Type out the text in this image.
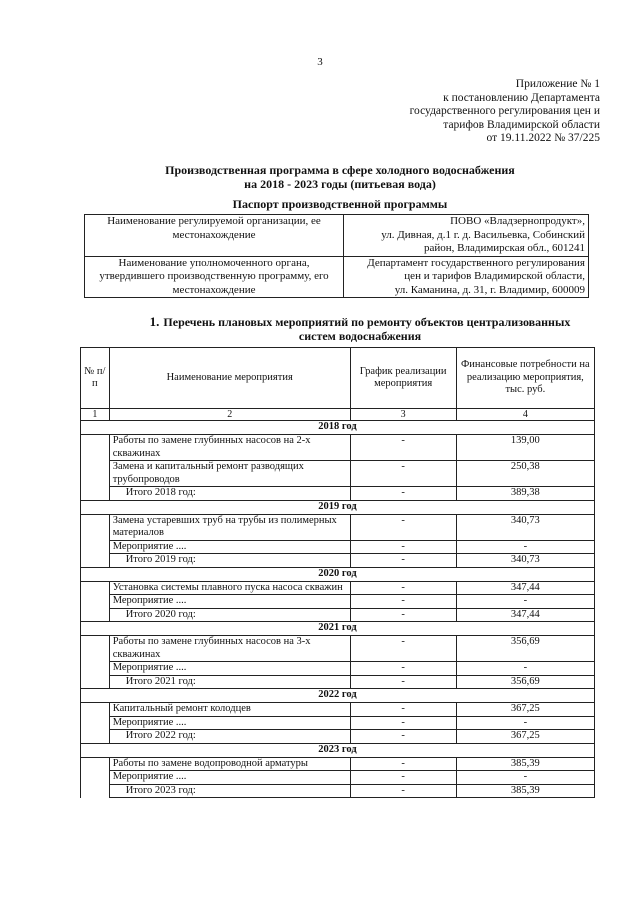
3
Приложение № 1
к постановлению Департамента
государственного регулирования цен и
тарифов Владимирской области
от 19.11.2022 № 37/225
Производственная программа в сфере холодного водоснабжения
на 2018 - 2023 годы (питьевая вода)
Паспорт производственной программы
Наименование регулируемой организации, ее местонахождение	ПОВО «Владзернопродукт»,
ул. Дивная, д.1 г. д. Васильевка, Собинский
район, Владимирская обл., 601241

Наименование уполномоченного органа, утвердившего производственную программу, его местонахождение	Департамент государственного регулирования
цен и тарифов Владимирской области,
ул. Каманина, д. 31, г. Владимир, 600009
1. Перечень плановых мероприятий по ремонту объектов централизованных
систем водоснабжения
№ п/п	Наименование мероприятия	График реализации мероприятия	Финансовые потребности на реализацию мероприятия, тыс. руб.
1	2	3	4
2018 год			
	Работы по замене глубинных насосов на 2-х скважинах	-	139,00
	Замена и капитальный ремонт разводящих трубопроводов	-	250,38
	Итого 2018 год:	-	389,38
2019 год			
	Замена устаревших труб на трубы из полимерных материалов	-	340,73
	Мероприятие ....	-	-
	Итого 2019 год:	-	340,73
2020 год			
	Установка системы плавного пуска насоса скважин	-	347,44
	Мероприятие ....	-	-
	Итого 2020 год:	-	347,44
2021 год			
	Работы по замене глубинных насосов на 3-х скважинах	-	356,69
	Мероприятие ....	-	-
	Итого 2021 год:	-	356,69
2022 год			
	Капитальный ремонт колодцев	-	367,25
	Мероприятие ....	-	-
	Итого 2022 год:	-	367,25
2023 год			
	Работы по замене водопроводной арматуры	-	385,39
	Мероприятие ....	-	-
	Итого 2023 год:	-	385,39
